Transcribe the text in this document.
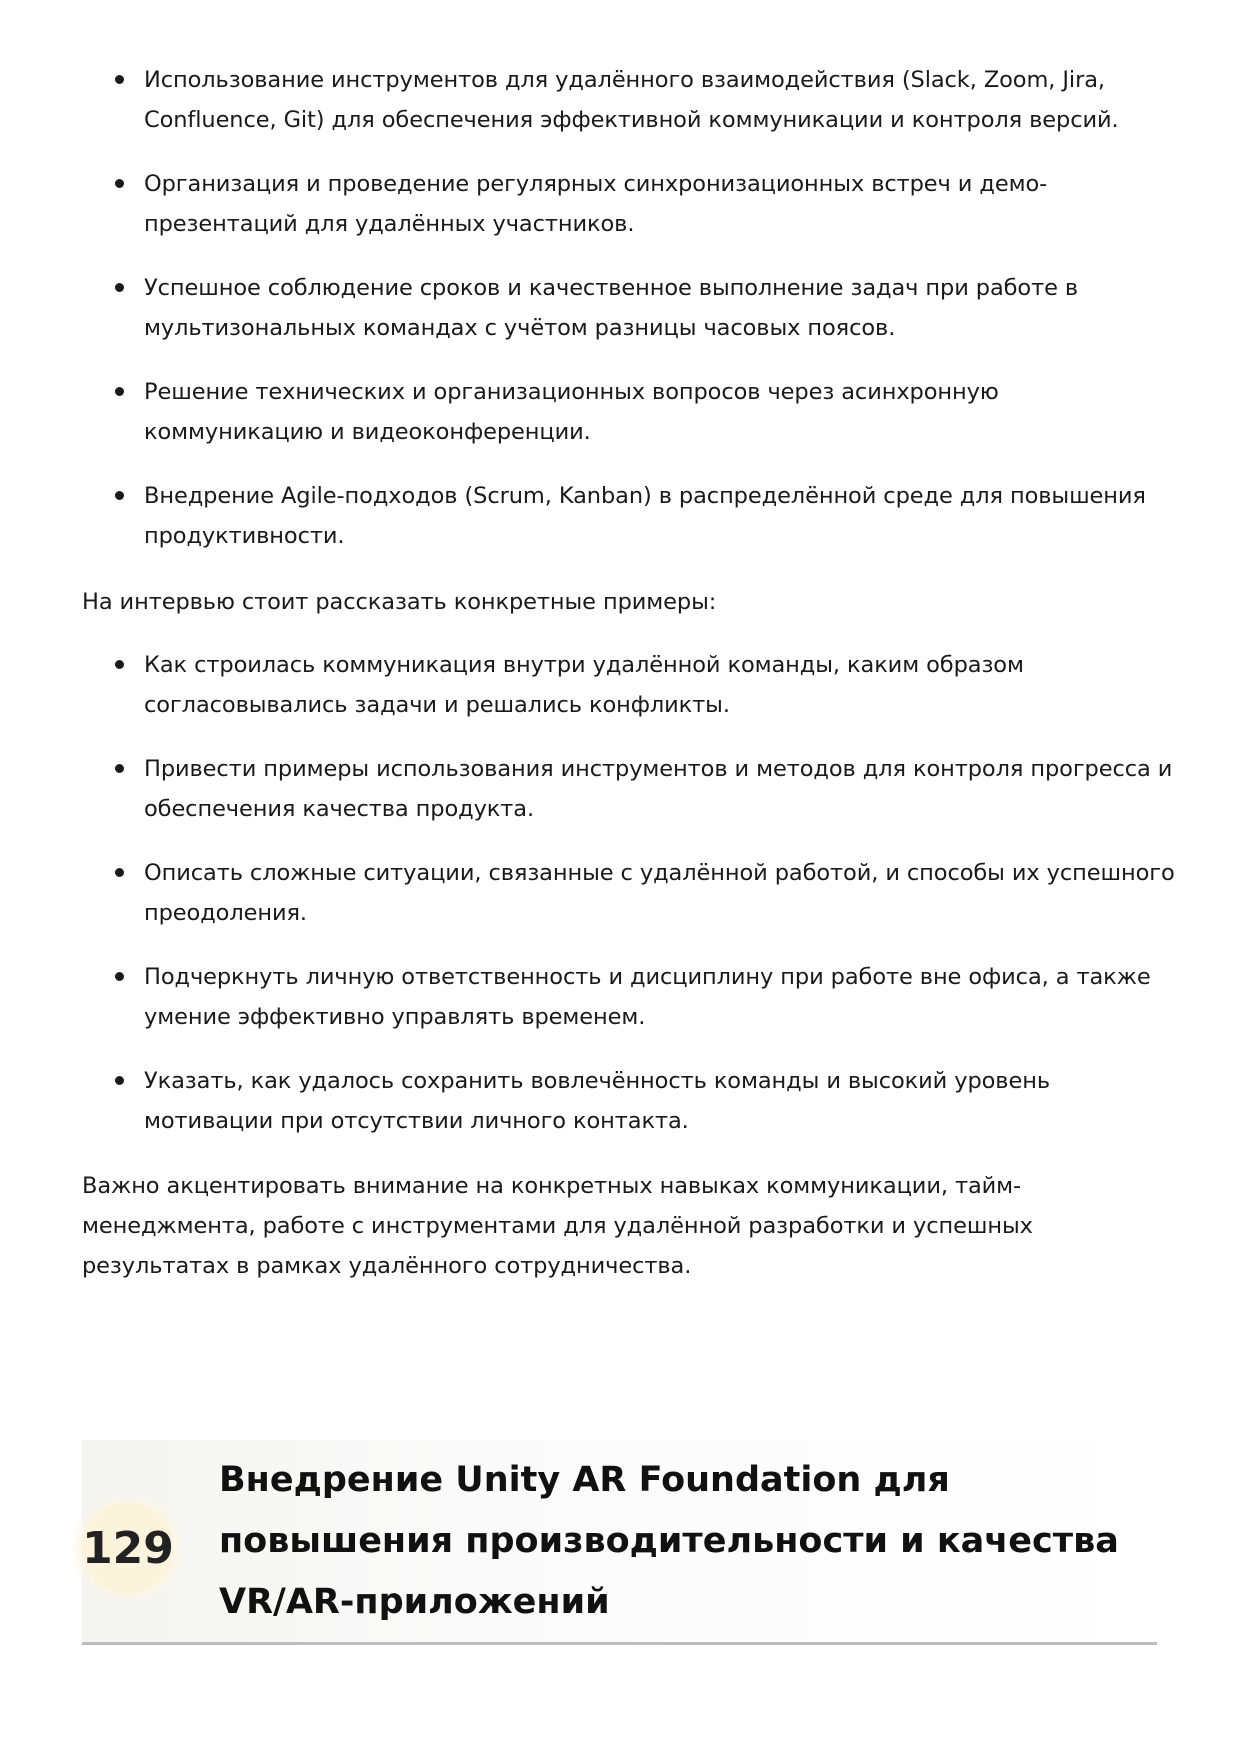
Использование инструментов для удалённого взаимодействия (Slack, Zoom, Jira, Confluence, Git) для обеспечения эффективной коммуникации и контроля версий.
Организация и проведение регулярных синхронизационных встреч и демо-презентаций для удалённых участников.
Успешное соблюдение сроков и качественное выполнение задач при работе в мультизональных командах с учётом разницы часовых поясов.
Решение технических и организационных вопросов через асинхронную коммуникацию и видеоконференции.
Внедрение Agile-подходов (Scrum, Kanban) в распределённой среде для повышения продуктивности.

На интервью стоит рассказать конкретные примеры:

Как строилась коммуникация внутри удалённой команды, каким образом согласовывались задачи и решались конфликты.
Привести примеры использования инструментов и методов для контроля прогресса и обеспечения качества продукта.
Описать сложные ситуации, связанные с удалённой работой, и способы их успешного преодоления.
Подчеркнуть личную ответственность и дисциплину при работе вне офиса, а также умение эффективно управлять временем.
Указать, как удалось сохранить вовлечённость команды и высокий уровень мотивации при отсутствии личного контакта.

Важно акцентировать внимание на конкретных навыках коммуникации, тайм-менеджмента, работе с инструментами для удалённой разработки и успешных результатах в рамках удалённого сотрудничества.

129
Внедрение Unity AR Foundation для повышения производительности и качества VR/AR-приложений
